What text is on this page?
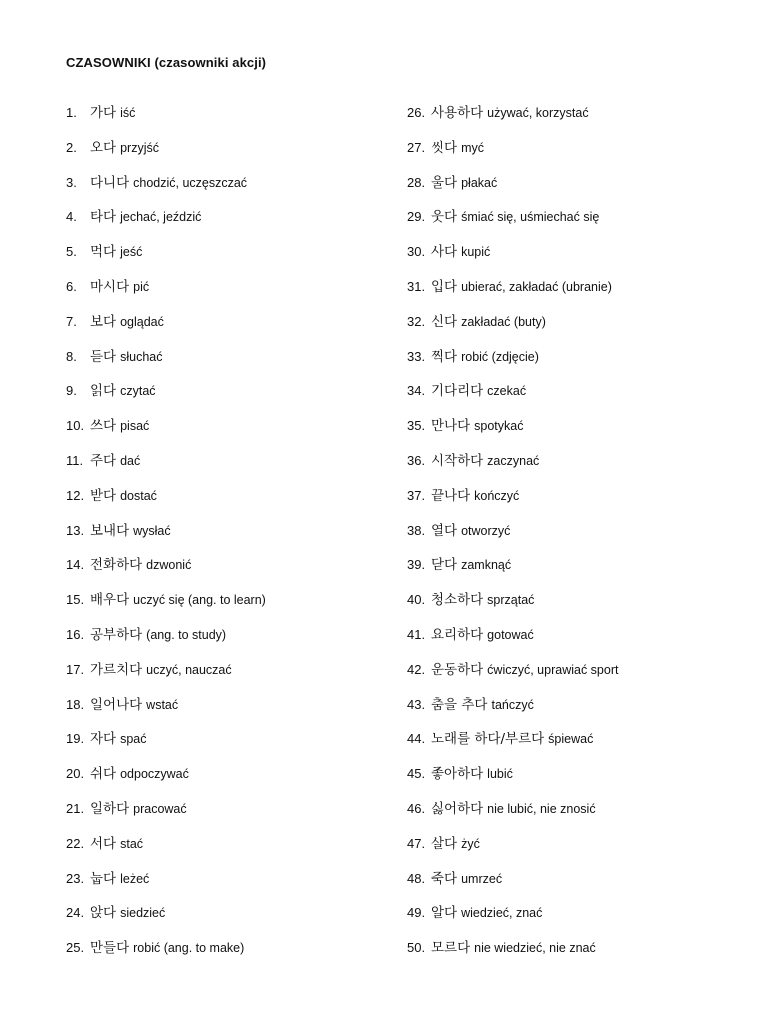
CZASOWNIKI (czasowniki akcji)
1. 가다 iść
2. 오다 przyjść
3. 다니다 chodzić, uczęszczać
4. 타다 jechać, jeździć
5. 먹다 jeść
6. 마시다 pić
7. 보다 oglądać
8. 듣다 słuchać
9. 읽다 czytać
10. 쓰다 pisać
11. 주다 dać
12. 받다 dostać
13. 보내다 wysłać
14. 전화하다 dzwonić
15. 배우다 uczyć się (ang. to learn)
16. 공부하다 (ang. to study)
17. 가르치다 uczyć, nauczać
18. 일어나다 wstać
19. 자다 spać
20. 쉬다 odpoczywać
21. 일하다 pracować
22. 서다 stać
23. 눕다 leżeć
24. 앉다 siedzieć
25. 만들다 robić (ang. to make)
26. 사용하다 używać, korzystać
27. 씻다 myć
28. 울다 płakać
29. 웃다 śmiać się, uśmiechać się
30. 사다 kupić
31. 입다 ubierać, zakładać (ubranie)
32. 신다 zakładać (buty)
33. 찍다 robić (zdjęcie)
34. 기다리다 czekać
35. 만나다 spotykać
36. 시작하다 zaczynać
37. 끝나다 kończyć
38. 열다 otworzyć
39. 닫다 zamknąć
40. 청소하다 sprzątać
41. 요리하다 gotować
42. 운동하다 ćwiczyć, uprawiać sport
43. 춤을 추다 tańczyć
44. 노래를 하다/부르다 śpiewać
45. 좋아하다 lubić
46. 싫어하다 nie lubić, nie znosić
47. 살다 żyć
48. 죽다 umrzeć
49. 알다 wiedzieć, znać
50. 모르다 nie wiedzieć, nie znać
